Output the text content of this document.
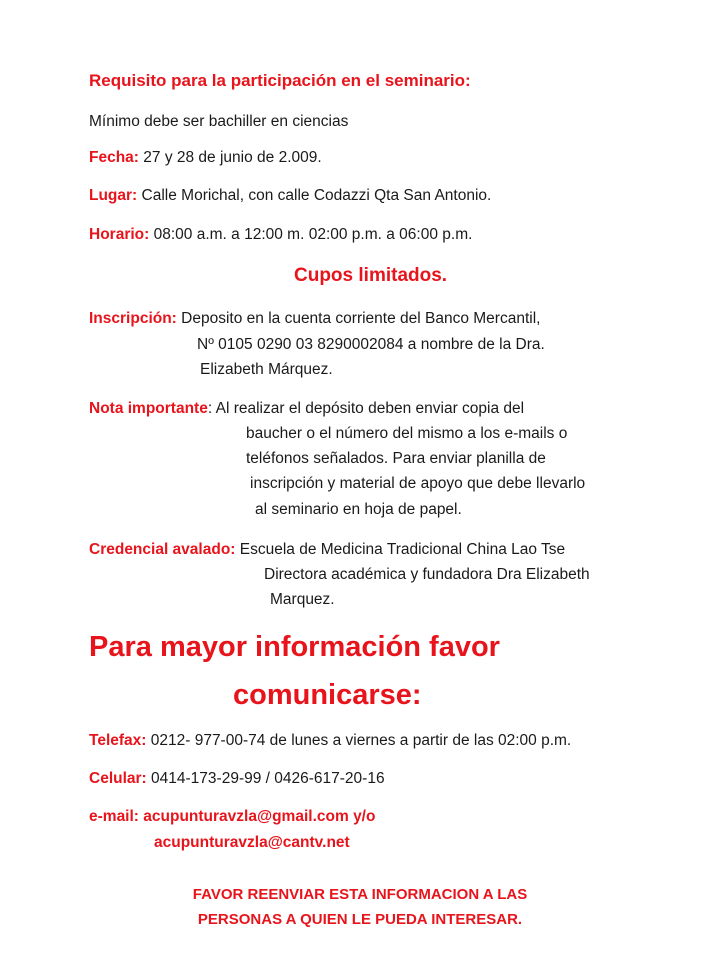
Requisito para la participación en el seminario:
Mínimo debe ser bachiller en ciencias
Fecha: 27 y 28 de junio de 2.009.
Lugar: Calle Morichal, con calle Codazzi Qta San Antonio.
Horario: 08:00 a.m. a 12:00 m. 02:00 p.m. a 06:00 p.m.
Cupos limitados.
Inscripción: Deposito en la cuenta corriente del Banco Mercantil,
Nº 0105 0290 03 8290002084 a nombre de la Dra.
Elizabeth Márquez.
Nota importante: Al realizar el depósito deben enviar copia del
baucher o el número del mismo a los e-mails o
teléfonos señalados. Para enviar planilla de
inscripción y material de apoyo que debe llevarlo
al seminario en hoja de papel.
Credencial avalado: Escuela de Medicina Tradicional China Lao Tse
Directora académica y fundadora Dra Elizabeth
Marquez.
Para mayor información favor
comunicarse:
Telefax: 0212- 977-00-74 de lunes a viernes a partir de las 02:00 p.m.
Celular: 0414-173-29-99 / 0426-617-20-16
e-mail: acupunturavzla@gmail.com y/o
acupunturavzla@cantv.net
FAVOR REENVIAR ESTA INFORMACION A LAS
PERSONAS A QUIEN LE PUEDA INTERESAR.
